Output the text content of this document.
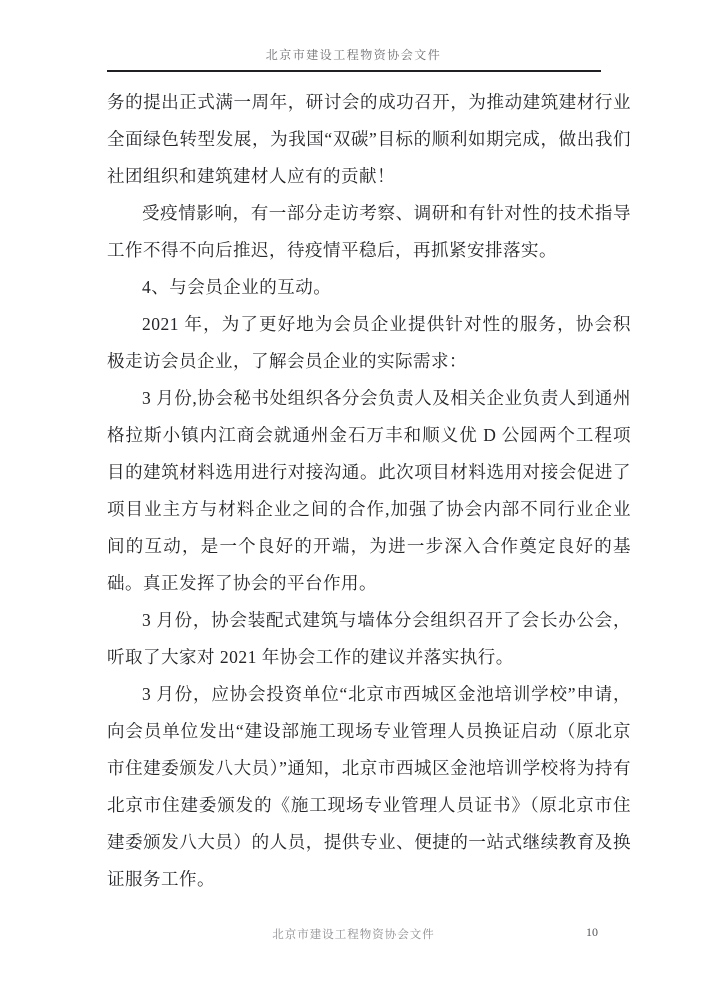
北京市建设工程物资协会文件

务的提出正式满一周年，研讨会的成功召开，为推动建筑建材行业全面绿色转型发展，为我国“双碳”目标的顺利如期完成，做出我们社团组织和建筑建材人应有的贡献！

受疫情影响，有一部分走访考察、调研和有针对性的技术指导工作不得不向后推迟，待疫情平稳后，再抓紧安排落实。

4、与会员企业的互动。

2021 年，为了更好地为会员企业提供针对性的服务，协会积极走访会员企业，了解会员企业的实际需求：

3 月份,协会秘书处组织各分会负责人及相关企业负责人到通州格拉斯小镇内江商会就通州金石万丰和顺义优 D 公园两个工程项目的建筑材料选用进行对接沟通。此次项目材料选用对接会促进了项目业主方与材料企业之间的合作,加强了协会内部不同行业企业间的互动，是一个良好的开端，为进一步深入合作奠定良好的基础。真正发挥了协会的平台作用。

3 月份，协会装配式建筑与墙体分会组织召开了会长办公会，听取了大家对 2021 年协会工作的建议并落实执行。

3 月份，应协会投资单位“北京市西城区金池培训学校”申请，向会员单位发出“建设部施工现场专业管理人员换证启动（原北京市住建委颁发八大员）”通知，北京市西城区金池培训学校将为持有北京市住建委颁发的《施工现场专业管理人员证书》（原北京市住建委颁发八大员）的人员，提供专业、便捷的一站式继续教育及换证服务工作。

北京市建设工程物资协会文件	10
